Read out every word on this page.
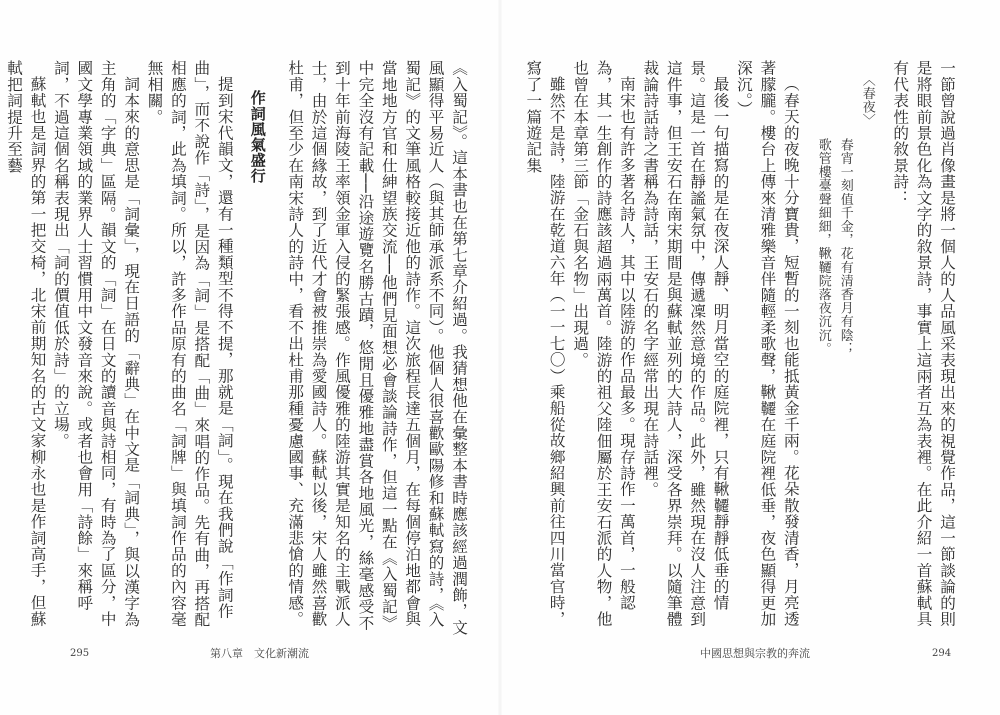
《入蜀記》。這本書也在第七章介紹過。我猜想他在彙整本書時應該經過潤飾，文風顯得平易近人（與其師承派系不同）。他個人很喜歡歐陽修和蘇軾寫的詩，《入蜀記》的文筆風格較接近他的詩作。這次旅程長達五個月，在每個停泊地都會與當地地方官和仕紳望族交流──他們見面想必會談論詩作，但這一點在《入蜀記》中完全沒有記載──沿途遊覽名勝古蹟，悠閒且優雅地盡賞各地風光，絲毫感受不到十年前海陵王率領金軍入侵的緊張感。作風優雅的陸游其實是知名的主戰派人士，由於這個緣故，到了近代才會被推崇為愛國詩人。蘇軾以後，宋人雖然喜歡杜甫，但至少在南宋詩人的詩中，看不出杜甫那種憂慮國事、充滿悲愴的情感。

作詞風氣盛行

提到宋代韻文，還有一種類型不得不提，那就是「詞」。現在我們說「作詞作曲」，而不說作「詩」，是因為「詞」是搭配「曲」來唱的作品。先有曲，再搭配相應的詞，此為填詞。所以，許多作品原有的曲名「詞牌」與填詞作品的內容毫無相關。

詞本來的意思是「詞彙」，現在日語的「辭典」在中文是「詞典」，與以漢字為主角的「字典」區隔。韻文的「詞」在日文的讀音與詩相同，有時為了區分，中國文學專業領域的業界人士習慣用中文發音來說。或者也會用「詩餘」來稱呼詞，不過這個名稱表現出「詞的價值低於詩」的立場。

蘇軾也是詞界的第一把交椅，北宋前期知名的古文家柳永也是作詞高手，但蘇軾把詞提升至藝

295	第八章　文化新潮流

一節曾說過肖像畫是將一個人的人品風采表現出來的視覺作品，這一節談論的則是將眼前景色化為文字的敘景詩，事實上這兩者互為表裡。在此介紹一首蘇軾具有代表性的敘景詩：

〈春夜〉

春宵一刻值千金，花有清香月有陰；

歌管樓臺聲細細，鞦韆院落夜沉沉。

（春天的夜晚十分寶貴，短暫的一刻也能抵黃金千兩。花朵散發清香，月亮透著朦朧。樓台上傳來清雅樂音伴隨輕柔歌聲，鞦韆在庭院裡低垂，夜色顯得更加深沉。）

最後一句描寫的是在夜深人靜、明月當空的庭院裡，只有鞦韆靜靜低垂的情景。這是一首在靜謐氣氛中，傳遞凜然意境的作品。此外，雖然現在沒人注意到這件事，但王安石在南宋期間是與蘇軾並列的大詩人，深受各界崇拜。以隨筆體裁論詩話詩之書稱為詩話，王安石的名字經常出現在詩話裡。

南宋也有許多著名詩人，其中以陸游的作品最多。現存詩作一萬首，一般認為，其一生創作的詩應該超過兩萬首。陸游的祖父陸佃屬於王安石派的人物，他也曾在本章第三節「金石與名物」出現過。

雖然不是詩，陸游在乾道六年（一一七〇）乘船從故鄉紹興前往四川當官時，寫了一篇遊記集

中國思想與宗教的奔流	294
